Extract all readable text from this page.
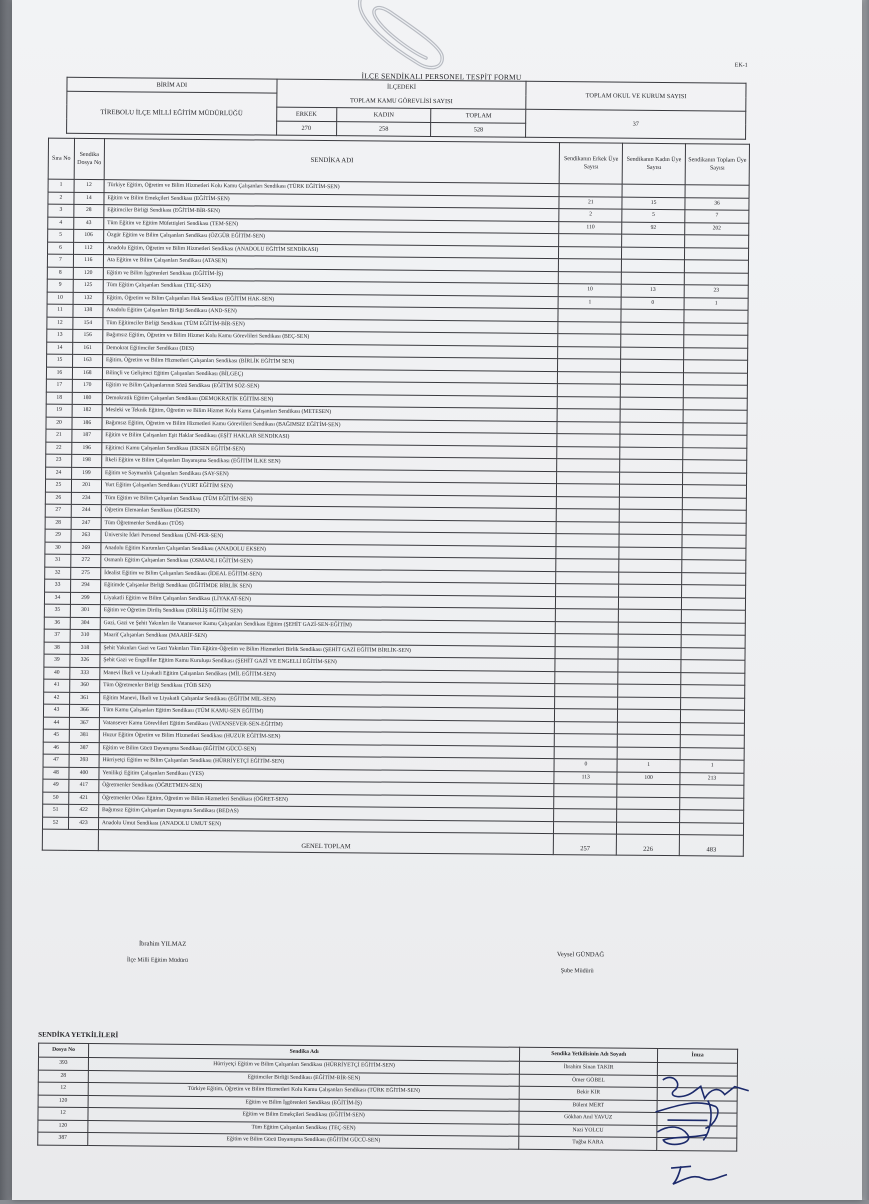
EK-1
İLÇE SENDİKALI PERSONEL TESPİT FORMU
BİRİM ADI	İLÇEDEKİ			TOPLAM OKUL VE KURUM SAYISI
TİREBOLU İLÇE MİLLİ EĞİTİM MÜDÜRLÜĞÜ	TOPLAM KAMU GÖREVLİSİ SAYISI			
	ERKEK	KADIN	TOPLAM	37
	270	258	528	
Sıra No	Sendika Dosya No	SENDİKA ADI	Sendikanın Erkek Üye Sayısı	Sendikanın Kadın Üye Sayısı	Sendikanın Toplam Üye Sayısı
1	12	Türkiye Eğitim, Öğretim ve Bilim Hizmetleri Kolu Kamu Çalışanları Sendikası (TÜRK EĞİTİM-SEN)			
2	14	Eğitim ve Bilim Emekçileri Sendikası (EĞİTİM-SEN)	21	15	36
3	28	Eğitimciler Birliği Sendikası (EĞİTİM-BİR-SEN)	2	5	7
4	43	Tüm Eğitim ve Eğitim Müfettişleri Sendikası (TEM-SEN)	110	92	202
5	106	Özgür Eğitim ve Bilim Çalışanları Sendikası (ÖZGÜR EĞİTİM-SEN)			
6	112	Anadolu Eğitim, Öğretim ve Bilim Hizmetleri Sendikası (ANADOLU EĞİTİM SENDİKASI)			
7	116	Ata Eğitim ve Bilim Çalışanları Sendikası (ATASEN)			
8	120	Eğitim ve Bilim İşgörenleri Sendikası (EĞİTİM-İŞ)			
9	125	Tüm Eğitim Çalışanları Sendikası (TEÇ-SEN)	10	13	23
10	132	Eğitim, Öğretim ve Bilim Çalışanları Hak Sendikası (EĞİTİM HAK-SEN)	1	0	1
11	138	Anadolu Eğitim Çalışanları Birliği Sendikası (AND-SEN)			
12	154	Tüm Eğitimciler Birliği Sendikası (TÜM EĞİTİM-BİR-SEN)			
13	156	Bağımsız Eğitim, Öğretim ve Bilim Hizmet Kolu Kamu Görevlileri Sendikası (BEÇ-SEN)			
14	161	Demokrat Eğitimciler Sendikası (DES)			
15	163	Eğitim, Öğretim ve Bilim Hizmetleri Çalışanları Sendikası (BİRLİK EĞİTİM SEN)			
16	168	Bilinçli ve Gelişimci Eğitim Çalışanları Sendikası (BİLGEÇ)			
17	170	Eğitim ve Bilim Çalışanlarının Sözü Sendikası (EĞİTİM SÖZ-SEN)			
18	180	Demokratik Eğitim Çalışanları Sendikası (DEMOKRATİK EĞİTİM-SEN)			
19	182	Mesleki ve Teknik Eğitim, Öğretim ve Bilim Hizmet Kolu Kamu Çalışanları Sendikası (METESEN)			
20	186	Bağımsız Eğitim, Öğretim ve Bilim Hizmetleri Kamu Görevlileri Sendikası (BAĞIMSIZ EĞİTİM-SEN)			
21	187	Eğitim ve Bilim Çalışanları Eşit Haklar Sendikası (EŞİT HAKLAR SENDİKASI)			
22	196	Eğitimci Kamu Çalışanları Sendikası (EKSEN EĞİTİM-SEN)			
23	198	İlkeli Eğitim ve Bilim Çalışanları Dayanışma Sendikası (EĞİTİM İLKE SEN)			
24	199	Eğitim ve Saymanlık Çalışanları Sendikası (SAY-SEN)			
25	201	Yurt Eğitim Çalışanları Sendikası (YURT EĞİTİM SEN)			
26	234	Tüm Eğitim ve Bilim Çalışanları Sendikası (TÜM EĞİTİM-SEN)			
27	244	Öğretim Elemanları Sendikası (ÖGESEN)			
28	247	Tüm Öğretmenler Sendikası (TÖS)			
29	263	Üniversite İdari Personel Sendikası (ÜNİ-PER-SEN)			
30	269	Anadolu Eğitim Kurumları Çalışanları Sendikası (ANADOLU EKSEN)			
31	272	Osmanlı Eğitim Çalışanları Sendikası (OSMANLI EĞİTİM-SEN)			
32	275	İdealist Eğitim ve Bilim Çalışanları Sendikası (İDEAL EĞİTİM-SEN)			
33	294	Eğitimde Çalışanlar Birliği Sendikası (EĞİTİMDE BİRLİK SEN)			
34	299	Liyakatli Eğitim ve Bilim Çalışanları Sendikası (LİYAKAT-SEN)			
35	301	Eğitim ve Öğretim Diriliş Sendikası (DİRİLİŞ EĞİTİM SEN)			
36	304	Gazi, Gazi ve Şehit Yakınları ile Vatansever Kamu Çalışanları Sendikası Eğitim (ŞEHİT GAZİ-SEN-EĞİTİM)			
37	310	Maarif Çalışanları Sendikası (MAARİF-SEN)			
38	318	Şehit Yakınları Gazi ve Gazi Yakınları Tüm Eğitim-Öğretim ve Bilim Hizmetleri Birlik Sendikası (ŞEHİT GAZİ EĞİTİM BİRLİK-SEN)			
39	326	Şehit Gazi ve Engelliler Eğitim Kamu Kuruluşu Sendikası (ŞEHİT GAZİ VE ENGELLİ EĞİTİM-SEN)			
40	333	Manevi İlkeli ve Liyakatli Eğitim Çalışanları Sendikası (MİL EĞİTİM-SEN)			
41	360	Tüm Öğretmenler Birliği Sendikası (TÖB SEN)			
42	361	Eğitim Manevi, İlkeli ve Liyakatli Çalışanlar Sendikası (EĞİTİM MİL-SEN)			
43	366	Tüm Kamu Çalışanları Eğitim Sendikası (TÜM KAMU-SEN EĞİTİM)			
44	367	Vatansever Kamu Görevlileri Eğitim Sendikası (VATANSEVER-SEN-EĞİTİM)			
45	381	Huzur Eğitim Öğretim ve Bilim Hizmetleri Sendikası (HUZUR EĞİTİM-SEN)			
46	387	Eğitim ve Bilim Gücü Dayanışma Sendikası (EĞİTİM GÜCÜ-SEN)			
47	393	Hürriyetçi Eğitim ve Bilim Çalışanları Sendikası (HÜRRİYETÇİ EĞİTİM-SEN)	0	1	1
48	400	Yenilikçi Eğitim Çalışanları Sendikası (YES)	113	100	213
49	417	Öğretmenler Sendikası (ÖĞRETMEN-SEN)			
50	421	Öğretmenler Odası Eğitim, Öğretim ve Bilim Hizmetleri Sendikası (ÖĞRET-SEN)			
51	422	Bağımsız Eğitim Çalışanları Dayanışma Sendikası (BEDAS)			
52	423	Anadolu Umut Sendikası (ANADOLU UMUT SEN)			
		GENEL TOPLAM	257	226	483
İbrahim YILMAZ
İlçe Milli Eğitim Müdürü
Veysel GÜNDAĞ
Şube Müdürü
SENDİKA YETKİLİLERİ
Dosya No	Sendika Adı	Sendika Yetkilisinin Adı Soyadı	İmza
393	Hürriyetçi Eğitim ve Bilim Çalışanları Sendikası (HÜRRİYETÇİ EĞİTİM-SEN)	İbrahim Sinan TAKIR	
28	Eğitimciler Birliği Sendikası (EĞİTİM-BİR-SEN)	Ömer GÖBEL	
12	Türkiye Eğitim, Öğretim ve Bilim Hizmetleri Kolu Kamu Çalışanları Sendikası (TÜRK EĞİTİM-SEN)	Bekir KIR	
120	Eğitim ve Bilim İşgörenleri Sendikası (EĞİTİM-İŞ)	Bülent MERT	
12	Eğitim ve Bilim Emekçileri Sendikası (EĞİTİM-SEN)	Gökhan Anıl YAVUZ	
120	Tüm Eğitim Çalışanları Sendikası (TEÇ-SEN)	Nazi YOLCU	
387	Eğitim ve Bilim Gücü Dayanışma Sendikası (EĞİTİM GÜCÜ-SEN)	Tuğba KARA	
